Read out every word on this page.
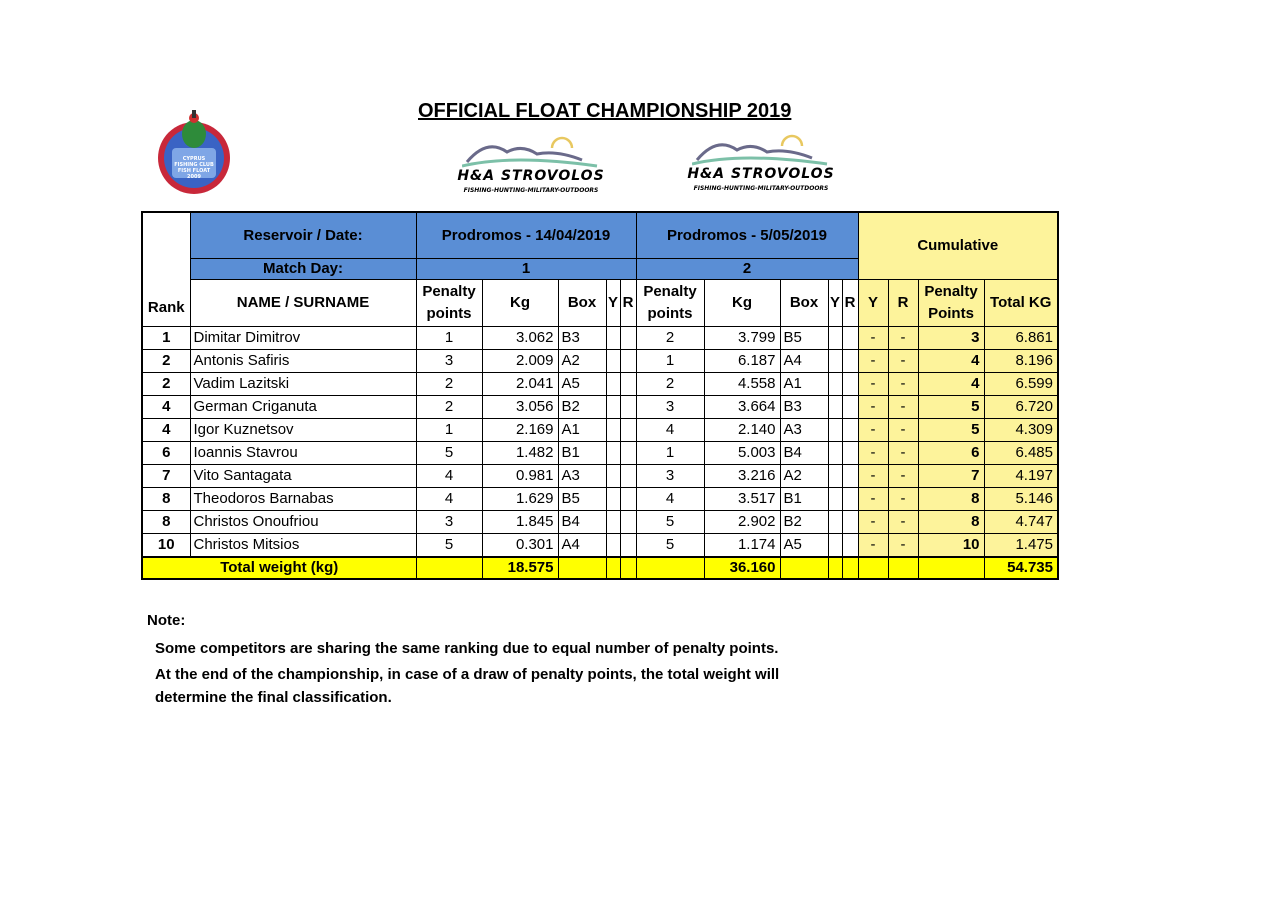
OFFICIAL FLOAT CHAMPIONSHIP 2019
CYPRUS
FISHING CLUB
FISH FLOAT
2009	H&A STROVOLOS
FISHING-HUNTING-MILITARY-OUTDOORS
H&A STROVOLOS
FISHING-HUNTING-MILITARY-OUTDOORS
Rank	Reservoir / Date:	Prodromos - 14/04/2019					Prodromos - 5/05/2019					Cumulative			
	Match Day:	1					2								
	NAME / SURNAME	Penalty points	Kg	Box	Y	R	Penalty points	Kg	Box	Y	R	Y	R	Penalty Points	Total KG
1	Dimitar Dimitrov	1	3.062	B3			2	3.799	B5			-	-	3	6.861
2	Antonis Safiris	3	2.009	A2			1	6.187	A4			-	-	4	8.196
2	Vadim Lazitski	2	2.041	A5			2	4.558	A1			-	-	4	6.599
4	German Criganuta	2	3.056	B2			3	3.664	B3			-	-	5	6.720
4	Igor Kuznetsov	1	2.169	A1			4	2.140	A3			-	-	5	4.309
6	Ioannis Stavrou	5	1.482	B1			1	5.003	B4			-	-	6	6.485
7	Vito Santagata	4	0.981	A3			3	3.216	A2			-	-	7	4.197
8	Theodoros Barnabas	4	1.629	B5			4	3.517	B1			-	-	8	5.146
8	Christos Onoufriou	3	1.845	B4			5	2.902	B2			-	-	8	4.747
10	Christos Mitsios	5	0.301	A4			5	1.174	A5			-	-	10	1.475
Total weight (kg)			18.575					36.160							54.735

Note:

Some competitors are sharing the same ranking due to equal number of penalty points.

At the end of the championship, in case of a draw of penalty points, the total weight will

determine the final classification.
